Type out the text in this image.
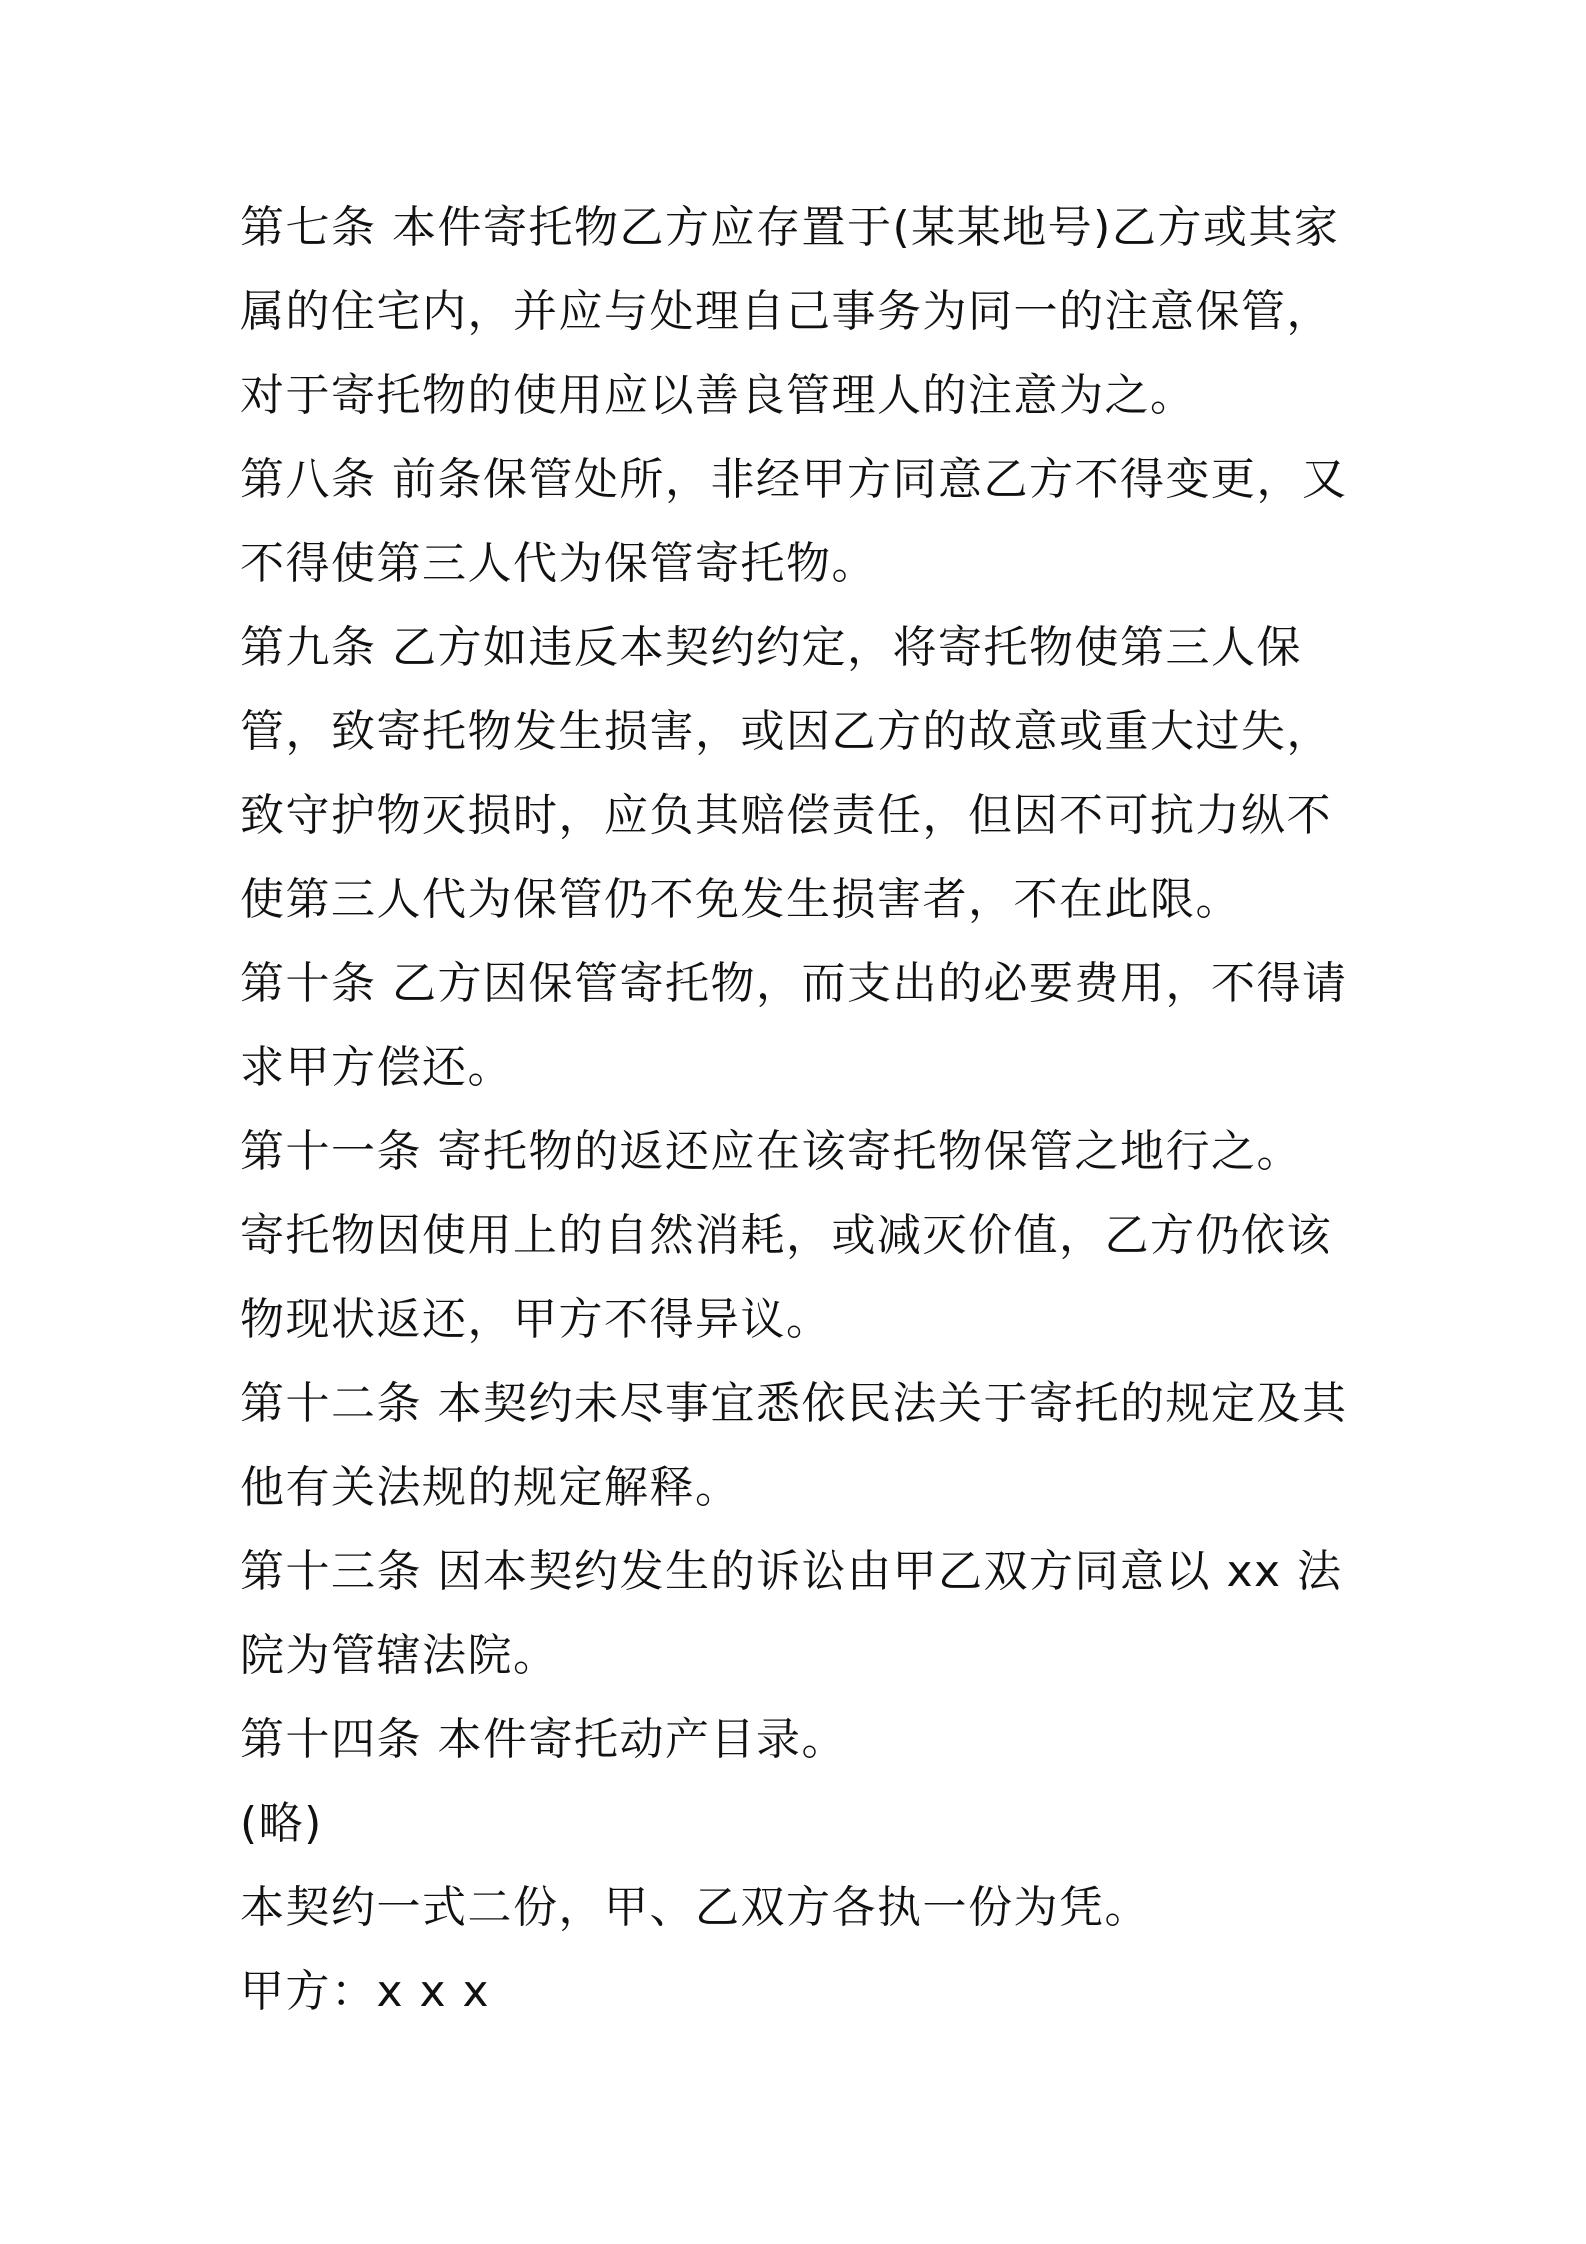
第七条 本件寄托物乙方应存置于(某某地号)乙方或其家属的住宅内，并应与处理自己事务为同一的注意保管，对于寄托物的使用应以善良管理人的注意为之。

第八条 前条保管处所，非经甲方同意乙方不得变更，又不得使第三人代为保管寄托物。

第九条 乙方如违反本契约约定，将寄托物使第三人保管，致寄托物发生损害，或因乙方的故意或重大过失，致守护物灭损时，应负其赔偿责任，但因不可抗力纵不使第三人代为保管仍不免发生损害者，不在此限。

第十条 乙方因保管寄托物，而支出的必要费用，不得请求甲方偿还。

第十一条 寄托物的返还应在该寄托物保管之地行之。

寄托物因使用上的自然消耗，或减灭价值，乙方仍依该物现状返还，甲方不得异议。

第十二条 本契约未尽事宜悉依民法关于寄托的规定及其他有关法规的规定解释。

第十三条 因本契约发生的诉讼由甲乙双方同意以 xx 法院为管辖法院。

第十四条 本件寄托动产目录。

(略)

本契约一式二份，甲、乙双方各执一份为凭。

甲方：x x x
